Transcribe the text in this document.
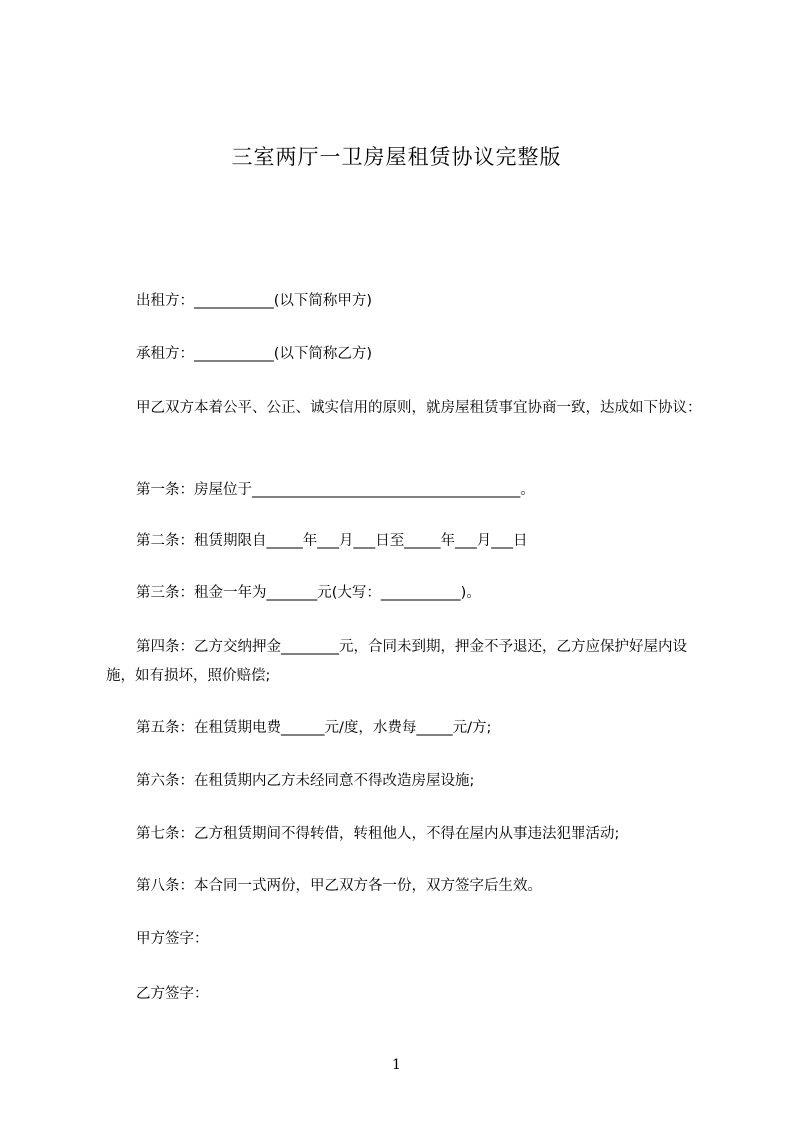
三室两厅一卫房屋租赁协议完整版
出租方：___________(以下简称甲方)
承租方：___________(以下简称乙方)
甲乙双方本着公平、公正、诚实信用的原则，就房屋租赁事宜协商一致，达成如下协议：
第一条：房屋位于_____________________________________。
第二条：租赁期限自_____年___月___日至_____年___月___日
第三条：租金一年为_______元(大写：___________)。
第四条：乙方交纳押金________元，合同未到期，押金不予退还，乙方应保护好屋内设施，如有损坏，照价赔偿;
第五条：在租赁期电费______元/度，水费每_____元/方;
第六条：在租赁期内乙方未经同意不得改造房屋设施;
第七条：乙方租赁期间不得转借，转租他人，不得在屋内从事违法犯罪活动;
第八条：本合同一式两份，甲乙双方各一份，双方签字后生效。
甲方签字：
乙方签字：
1
